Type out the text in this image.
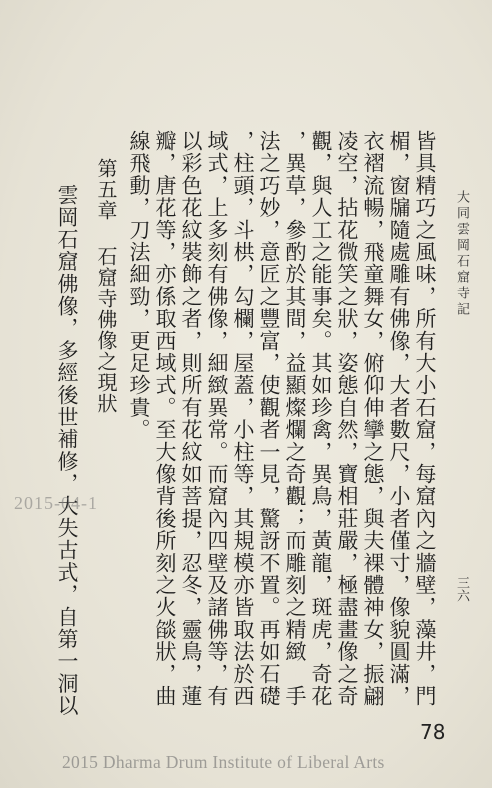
大同雲岡石窟寺記
三六
皆具精巧之風味，所有大小石窟，每窟內之牆壁，藻井，門
楣，窗牖隨處雕有佛像，大者數尺，小者僅寸，像貌圓滿，
衣褶流暢，飛童舞女，俯仰伸攣之態，與夫裸體神女，振翩
凌空，拈花微笑之狀，姿態自然，寶相莊嚴，極盡畫像之奇
觀，與人工之能事矣。其如珍禽，異鳥，黃龍，斑虎，奇花
，異草，參酌於其間，益顯燦爛之奇觀；而雕刻之精緻　手
法之巧妙，意匠之豐富，使觀者一見，驚訝不置。再如石礎
，柱頭，斗栱，勾欄，屋蓋，小柱等，其規模亦皆取法於西
域式，上多刻有佛像，細緻異常。而窟內四壁及諸佛等，有
以彩色花紋裝飾之者，則所有花紋如菩提，忍冬，靈鳥，蓮
瓣，唐花等，亦係取西域式。至大像背後所刻之火燄狀，曲
線飛動，刀法細勁，更足珍貴。
第五章
石窟寺佛像之現狀
雲岡石窟佛像，多經後世補修，大失古式，自第一洞以
2015-04-1
78
2015 Dharma Drum Institute of Liberal Arts
